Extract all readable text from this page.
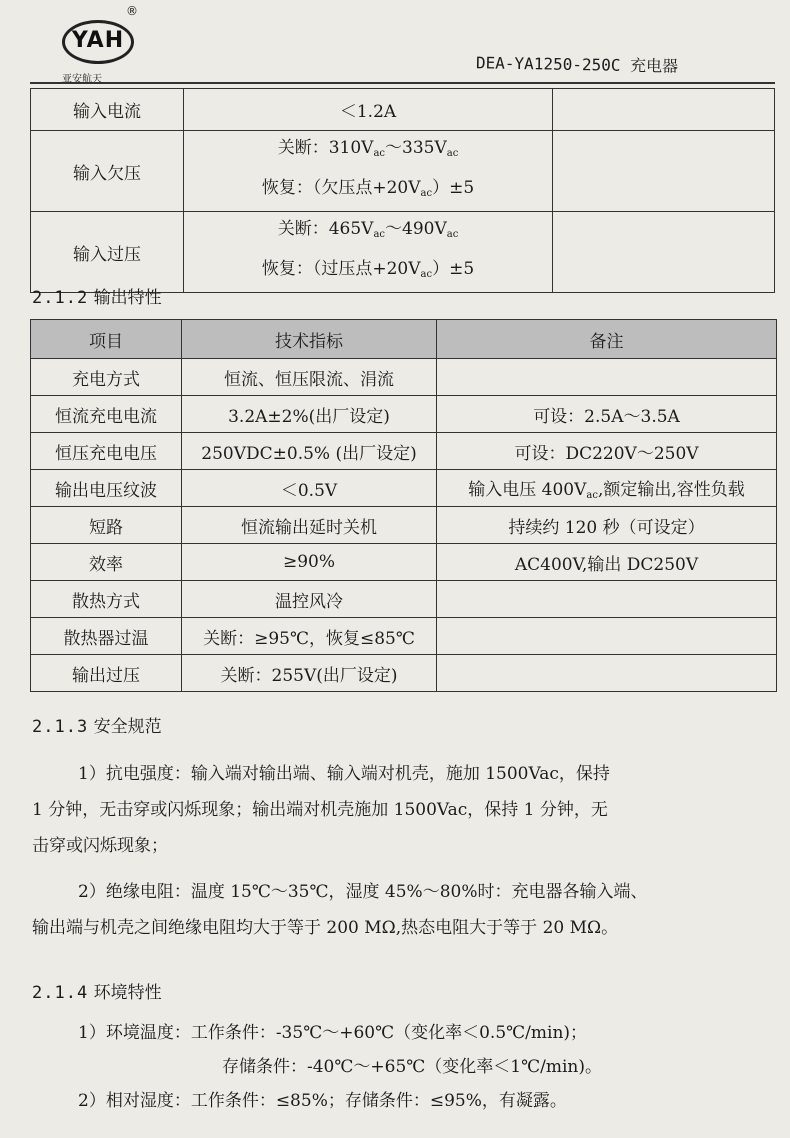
YAH
®
亚安航天
DEA-YA1250-250C 充电器
输入电流	＜1.2A	
输入欠压	关断：$310V_{ac}\sim 335V_{ac}$
恢复：（欠压点$+20V_{ac})\pm 5$	

输入过压	关断：$465V_{ac}\sim 490V_{ac}$
恢复：（过压点$+20V_{ac})\pm 5$	

2.1.2 输出特性
项目	技术指标	备注
充电方式	恒流、恒压限流、涓流	
恒流充电电流	3.2A±2%(出厂设定)	可设：2.5A～3.5A
恒压充电电压	250VDC±0.5% (出厂设定)	可设：DC220V～250V
输出电压纹波	＜0.5V	输入电压 $400V_{ac}$,额定输出,容性负载
短路	恒流输出延时关机	持续约 120 秒（可设定）
效率	≥90%	AC400V,输出 DC250V
散热方式	温控风冷	
散热器过温	关断：≥95℃，恢复≤85℃	
输出过压	关断：255V(出厂设定)	
2.1.3 安全规范
1）抗电强度：输入端对输出端、输入端对机壳，施加 1500Vac，保持
1 分钟，无击穿或闪烁现象；输出端对机壳施加 1500Vac，保持 1 分钟，无
击穿或闪烁现象；
2）绝缘电阻：温度 15℃～35℃，湿度 45%～80%时：充电器各输入端、
输出端与机壳之间绝缘电阻均大于等于 200 MΩ,热态电阻大于等于 20 MΩ。
2.1.4 环境特性
1）环境温度：工作条件：-35℃～+60℃（变化率＜0.5℃/min)；
存储条件：-40℃～+65℃（变化率＜1℃/min)。
2）相对湿度：工作条件：≤85%；存储条件：≤95%，有凝露。
